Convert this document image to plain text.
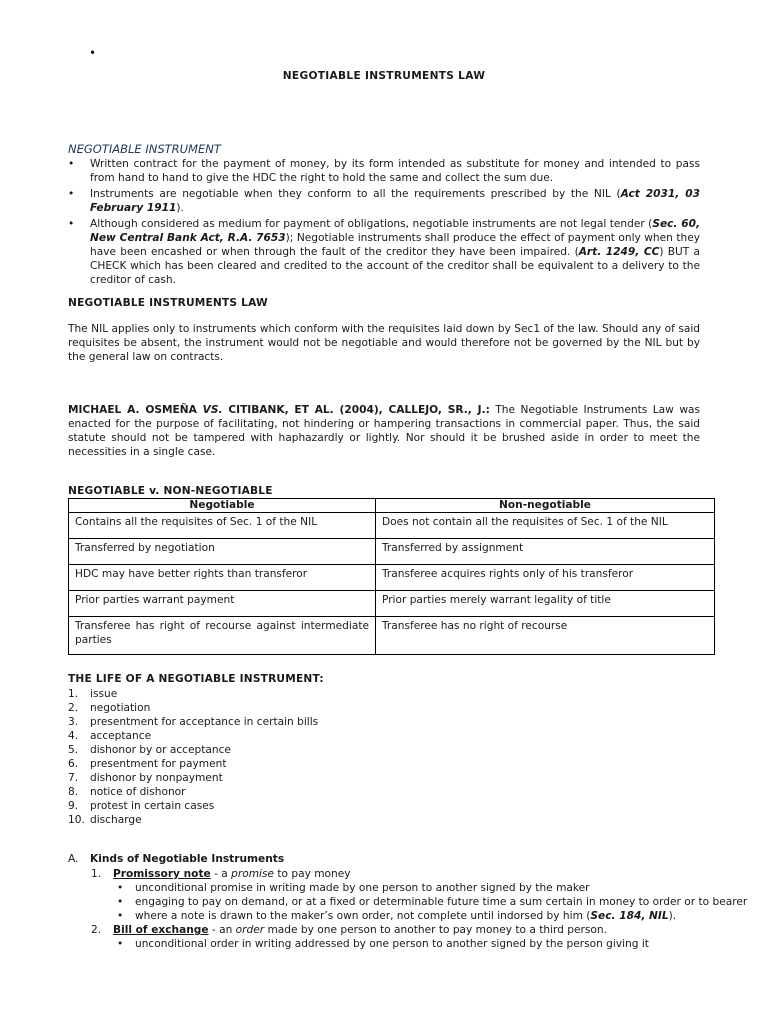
•
NEGOTIABLE INSTRUMENTS LAW
NEGOTIABLE INSTRUMENT
• Written contract for the payment of money, by its form intended as substitute for money and intended to pass from hand to hand to give the HDC the right to hold the same and collect the sum due.
• Instruments are negotiable when they conform to all the requirements prescribed by the NIL (Act 2031, 03 February 1911).
• Although considered as medium for payment of obligations, negotiable instruments are not legal tender (Sec. 60, New Central Bank Act, R.A. 7653); Negotiable instruments shall produce the effect of payment only when they have been encashed or when through the fault of the creditor they have been impaired. (Art. 1249, CC) BUT a CHECK which has been cleared and credited to the account of the creditor shall be equivalent to a delivery to the creditor of cash.
NEGOTIABLE INSTRUMENTS LAW
The NIL applies only to instruments which conform with the requisites laid down by Sec1 of the law. Should any of said requisites be absent, the instrument would not be negotiable and would therefore not be governed by the NIL but by the general law on contracts.
MICHAEL A. OSMEÑA VS. CITIBANK, ET AL. (2004), CALLEJO, SR., J.: The Negotiable Instruments Law was enacted for the purpose of facilitating, not hindering or hampering transactions in commercial paper. Thus, the said statute should not be tampered with haphazardly or lightly. Nor should it be brushed aside in order to meet the necessities in a single case.
NEGOTIABLE v. NON-NEGOTIABLE
Negotiable	Non-negotiable
Contains all the requisites of Sec. 1 of the NIL	Does not contain all the requisites of Sec. 1 of the NIL
Transferred by negotiation	Transferred by assignment
HDC may have better rights than transferor	Transferee acquires rights only of his transferor
Prior parties warrant payment	Prior parties merely warrant legality of title
Transferee has right of recourse against intermediate parties	Transferee has no right of recourse
THE LIFE OF A NEGOTIABLE INSTRUMENT:
1. issue
2. negotiation
3. presentment for acceptance in certain bills
4. acceptance
5. dishonor by or acceptance
6. presentment for payment
7. dishonor by nonpayment
8. notice of dishonor
9. protest in certain cases
10. discharge
A. Kinds of Negotiable Instruments
1. Promissory note - a promise to pay money
• unconditional promise in writing made by one person to another signed by the maker
• engaging to pay on demand, or at a fixed or determinable future time a sum certain in money to order or to bearer
• where a note is drawn to the maker’s own order, not complete until indorsed by him (Sec. 184, NIL).
2. Bill of exchange - an order made by one person to another to pay money to a third person.
• unconditional order in writing addressed by one person to another signed by the person giving it
